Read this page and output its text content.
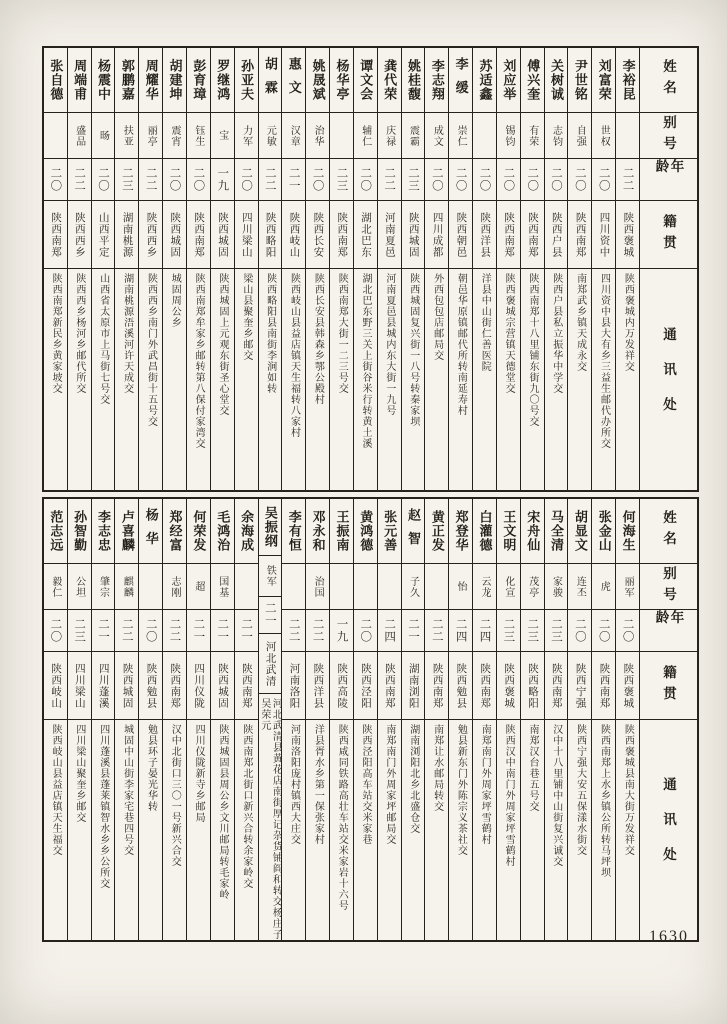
姓名
别号
年龄
籍贯
通讯处
李裕昆
二二
陕西褒城
陕西褒城内万发祥交
刘富荣
世权
二〇
四川资中
四川资中县大有乡三益生邮代办所交
尹世铭
自强
二〇
陕西南郑
南郑武乡镇天成永交
关树诚
志钧
二〇
陕西户县
陕西户县私立振华中学交
傅兴奎
有荣
二〇
陕西南郑
陕西南郑十八里铺东街九〇号交
刘应举
锡钧
二〇
陕西南郑
陕西褒城宗营镇天德堂交
苏适鑫
二〇
陕西洋县
洋县中山街仁善医院
李缓
崇仁
二〇
陕西朝邑
朝邑华原镇邮代所转南延寿村
李志翔
成文
二〇
四川成都
外西包包店邮局交
姚桂馥
震霸
二三
陕西城固
陕西城固复兴街一八号转秦家坝
龚代荣
庆禄
二二
河南夏邑
河南夏邑县城内东大街一九号
谭文会
辅仁
二〇
湖北巴东
湖北巴东野三关上街谷米行转黄土溪
杨华亭
二三
陕西南郑
陕西南郑大街一二三号交
姚晟斌
治华
二〇
陕西长安
陕西长安县韩森乡鄂公殿村
惠文
汉章
二一
陕西岐山
陕西岐山县益店镇天生福转八家村
胡霖
元敏
二二
陕西略阳
陕西略阳县南街李涧如转
孙亚夫
力军
二〇
四川梁山
梁山县聚奎乡邮交
罗继鸿
宝
一九
陕西城固
陕西城固上元观东街圣心堂交
彭育璋
钰生
二〇
陕西南郑
陕西南郑牟家乡邮转第八保付家湾交
胡建坤
震宵
二〇
陕西城固
城固周公乡
周耀华
丽亭
二二
陕西西乡
陕西西乡南门外武昌街十五号交
郭鹏嘉
扶亚
二三
湖南桃源
湖南桃源浯溪河许天成交
杨震中
旸
二〇
山西平定
山西省太原市上马街七号交
周端甫
盛品
二二
陕西西乡
陕西西乡杨河乡邮代所交
张自德
二〇
陕西南郑
陕西南郑新民乡黄家坡交
姓名
别号
年龄
籍贯
通讯处
何海生
丽军
二〇
陕西褒城
陕西褒城县南大街万发祥交
张金山
虎
二〇
陕西南郑
陕西南郑上水乡镇公所转马坪坝
胡显文
连丕
二〇
陕西宁强
陕西宁强大安五保漾水街交
马全清
家骏
二三
陕西南郑
汉中十八里铺中山街复兴诚交
宋舟仙
茂亭
二三
陕西略阳
南郑汉台巷五号交
王文明
化宣
二三
陕西褒城
陕西汉中南门外周家坪雪鹤村
白灌德
云龙
二四
陕西南郑
南郑南门外周家坪雪鹤村
郑登华
怡
二四
陕西勉县
勉县新东门外陈宗义茶社交
黄正发
二二
陕西南郑
南郑让水邮局转交
赵智
子久
二一
湖南浏阳
湖南浏阳北乡北盛仓交
张元善
二四
陕西南郑
南郑南门外周家坪邮局交
黄鸿德
二〇
陕西泾阳
陕西泾阳高车站交米家巷
王振南
一九
陕西高陵
陕西咸同铁路高壮车站交米家岩十六号
邓永和
治国
二二
陕西洋县
洋县胥水乡第一保张家村
李有恒
二二
河南洛阳
河南洛阳庞村镇西大庄交
吴振纲
铁军
二一
河北武清
河北武清县黄花店南街厚记杂货铺阎和转交杨庄子吴荣元
余海成
二一
陕西南郑
陕西南郑北街口新兴合转余家岭交
毛鸿治
国基
二一
陕西城固
陕西城固县周公乡文川邮局转毛家岭
何荣发
超
二一
四川仪陇
四川仪陇新寺乡邮局
郑经富
志刚
二二
陕西南郑
汉中北街口三〇一号新兴合交
杨华
二〇
陕西勉县
勉县环子晏光华转
卢喜麟
麒麟
二二
陕西城固
城固中山街李家宅巷四号交
李志忠
肇宗
二一
四川蓬溪
四川蓬溪县蓬莱镇智水乡乡公所交
孙智勤
公坦
二三
四川梁山
四川梁山聚奎乡邮交
范志远
毅仁
二〇
陕西岐山
陕西岐山县益店镇天生福交
1630
